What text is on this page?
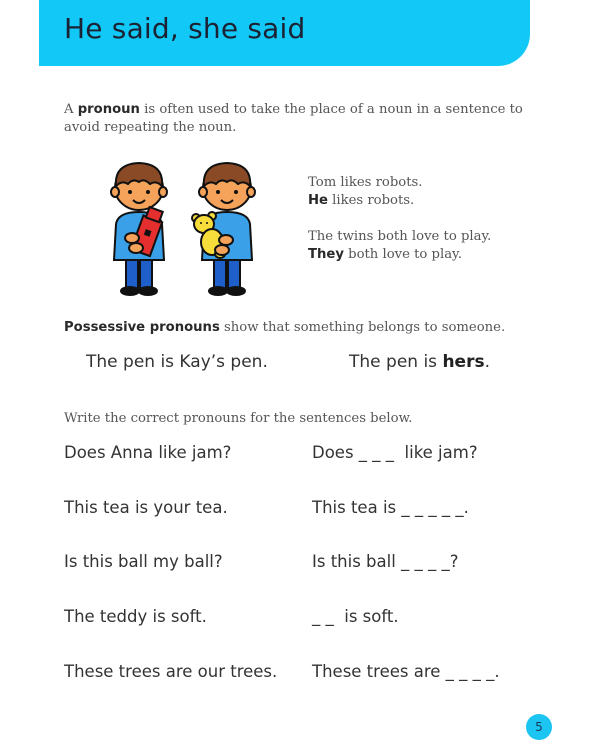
He said, she said
A pronoun is often used to take the place of a noun in a sentence to avoid repeating the noun.
Tom likes robots.
He likes robots.
The twins both love to play.
They both love to play.
Possessive pronouns show that something belongs to someone.
The pen is Kay’s pen.	The pen is hers.
Write the correct pronouns for the sentences below.
Does Anna like jam?	Does _ _ _  like jam?
This tea is your tea.	This tea is _ _ _ _ _.
Is this ball my ball?	Is this ball _ _ _ _?
The teddy is soft.	_ _  is soft.
These trees are our trees. These trees are _ _ _ _.
5
